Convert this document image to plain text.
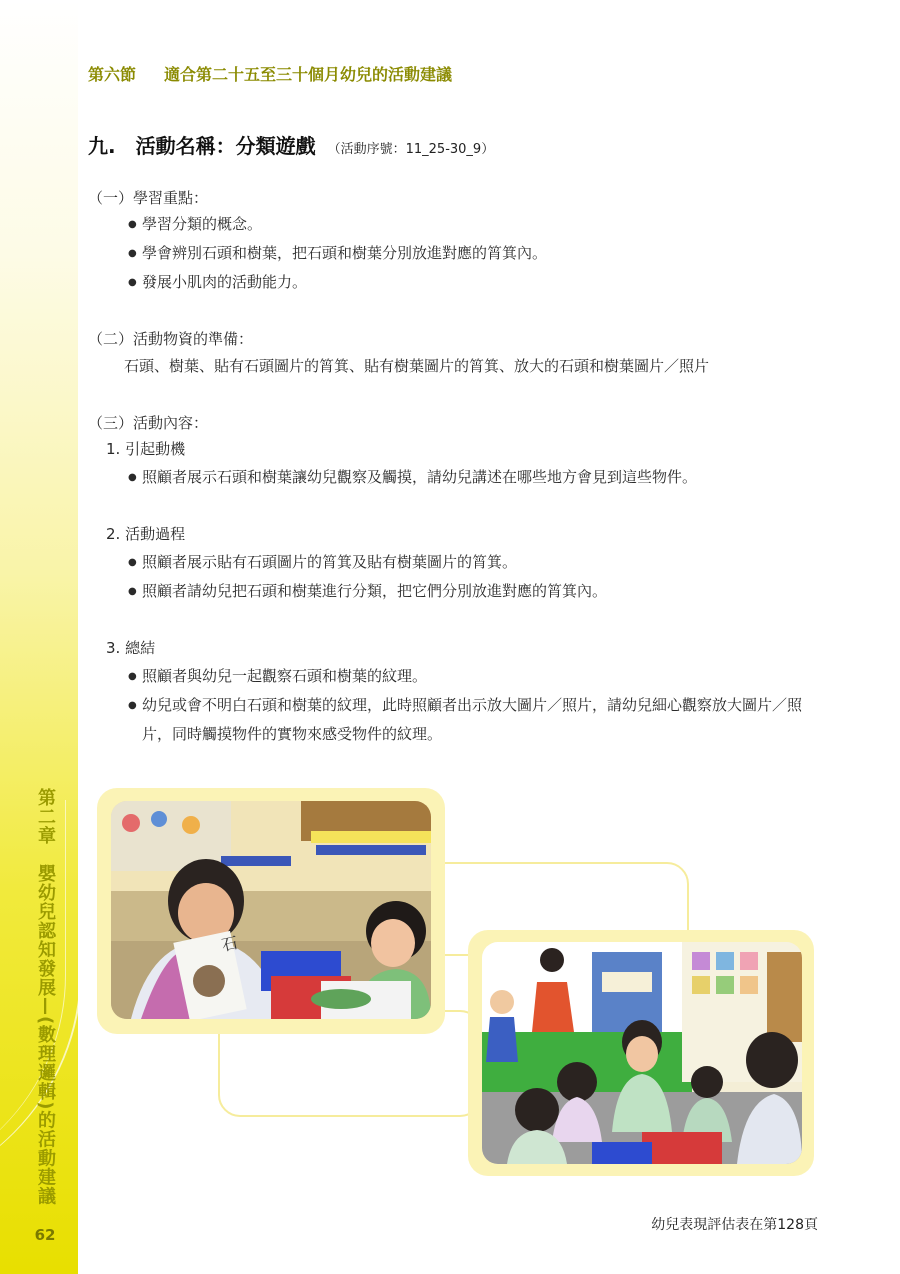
第二章　嬰幼兒認知發展—(數理邏輯)的活動建議
62
第六節 適合第二十五至三十個月幼兒的活動建議
九.　活動名稱：分類遊戲 （活動序號：11_25-30_9）
（一）學習重點：
● 學習分類的概念。
● 學會辨別石頭和樹葉，把石頭和樹葉分別放進對應的筲箕內。
● 發展小肌肉的活動能力。
（二）活動物資的準備：
石頭、樹葉、貼有石頭圖片的筲箕、貼有樹葉圖片的筲箕、放大的石頭和樹葉圖片／照片
（三）活動內容：
1. 引起動機
● 照顧者展示石頭和樹葉讓幼兒觀察及觸摸，請幼兒講述在哪些地方會見到這些物件。
2. 活動過程
● 照顧者展示貼有石頭圖片的筲箕及貼有樹葉圖片的筲箕。
● 照顧者請幼兒把石頭和樹葉進行分類，把它們分別放進對應的筲箕內。
3. 總結
● 照顧者與幼兒一起觀察石頭和樹葉的紋理。
● 幼兒或會不明白石頭和樹葉的紋理，此時照顧者出示放大圖片／照片，請幼兒細心觀察放大圖片／照片，同時觸摸物件的實物來感受物件的紋理。
石
幼兒表現評估表在第128頁
